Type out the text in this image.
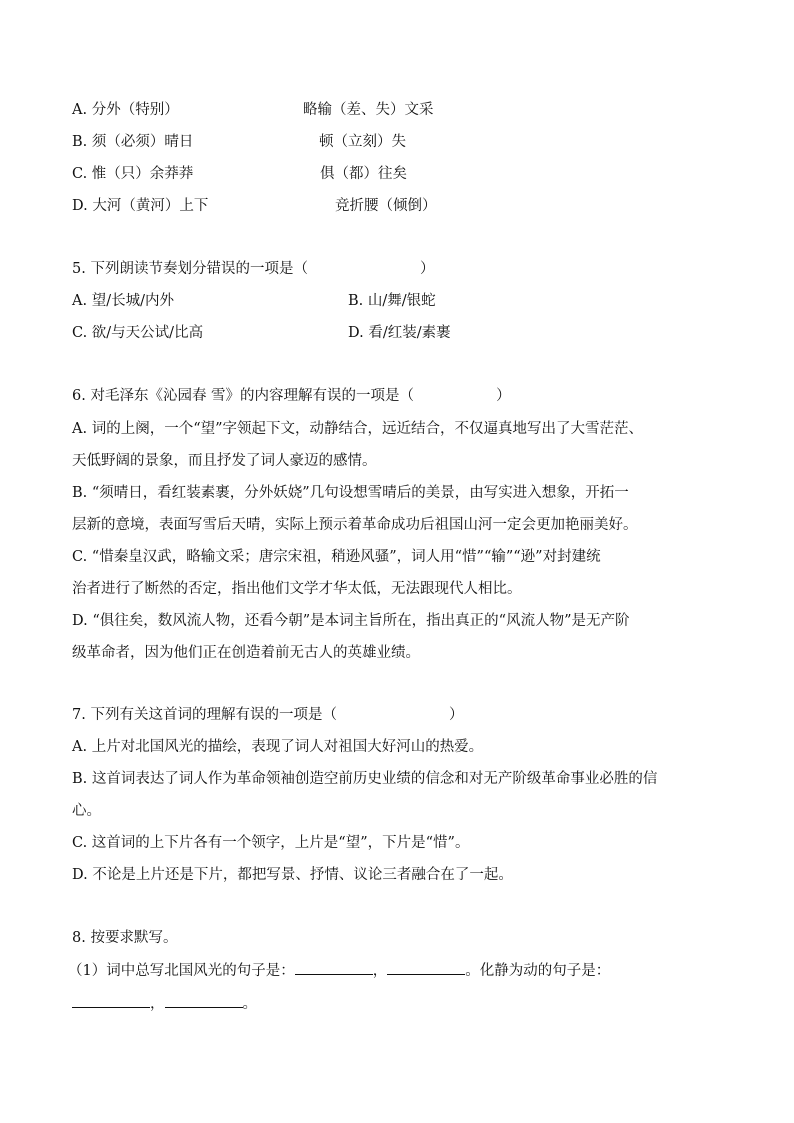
A. 分外（特别）	略输（差、失）文采
B. 须（必须）晴日	顿（立刻）失
C. 惟（只）余莽莽	俱（都）往矣
D. 大河（黄河）上下	竞折腰（倾倒）
5. 下列朗读节奏划分错误的一项是（	）
A. 望/长城/内外	B. 山/舞/银蛇
C. 欲/与天公试/比高	D. 看/红装/素裹
6. 对毛泽东《沁园春 雪》的内容理解有误的一项是（	）
A. 词的上阕，一个“望”字领起下文，动静结合，远近结合，不仅逼真地写出了大雪茫茫、
天低野阔的景象，而且抒发了词人豪迈的感情。
B. “须晴日，看红装素裹，分外妖娆”几句设想雪晴后的美景，由写实进入想象，开拓一
层新的意境，表面写雪后天晴，实际上预示着革命成功后祖国山河一定会更加艳丽美好。
C. “惜秦皇汉武，略输文采；唐宗宋祖，稍逊风骚”，词人用“惜”“输”“逊”对封建统
治者进行了断然的否定，指出他们文学才华太低，无法跟现代人相比。
D. “俱往矣，数风流人物，还看今朝”是本词主旨所在，指出真正的“风流人物”是无产阶
级革命者，因为他们正在创造着前无古人的英雄业绩。
7. 下列有关这首词的理解有误的一项是（	）
A. 上片对北国风光的描绘，表现了词人对祖国大好河山的热爱。
B. 这首词表达了词人作为革命领袖创造空前历史业绩的信念和对无产阶级革命事业必胜的信
心。
C. 这首词的上下片各有一个领字，上片是“望”，下片是“惜”。
D. 不论是上片还是下片，都把写景、抒情、议论三者融合在了一起。
8. 按要求默写。
（1）词中总写北国风光的句子是：	，	。化静为动的句子是：
，	。
